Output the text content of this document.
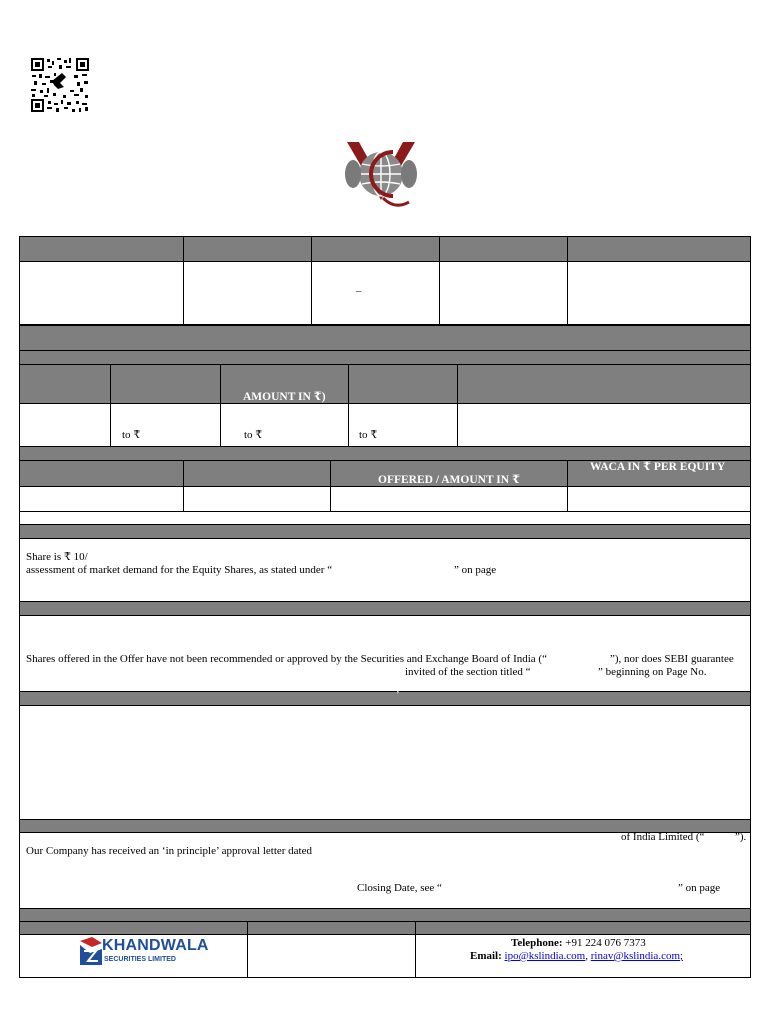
–
AMOUNT IN ₹)
to ₹	to ₹	to ₹
OFFERED / AMOUNT IN ₹
WACA IN ₹ PER EQUITY
Share is ₹ 10/
assessment of market demand for the Equity Shares, as stated under “	” on page
Shares offered in the Offer have not been recommended or approved by the Securities and Exchange Board of India (“	”), nor does SEBI guarantee
invited of the section titled “	” beginning on Page No.
’
of India Limited (“	”).
Our Company has received an ‘in principle’ approval letter dated
Closing Date, see “	” on page
KHANDWALA
SECURITIES LIMITED
Telephone: +91 224 076 7373
Email: ipo@kslindia.com, rinav@kslindia.com;
